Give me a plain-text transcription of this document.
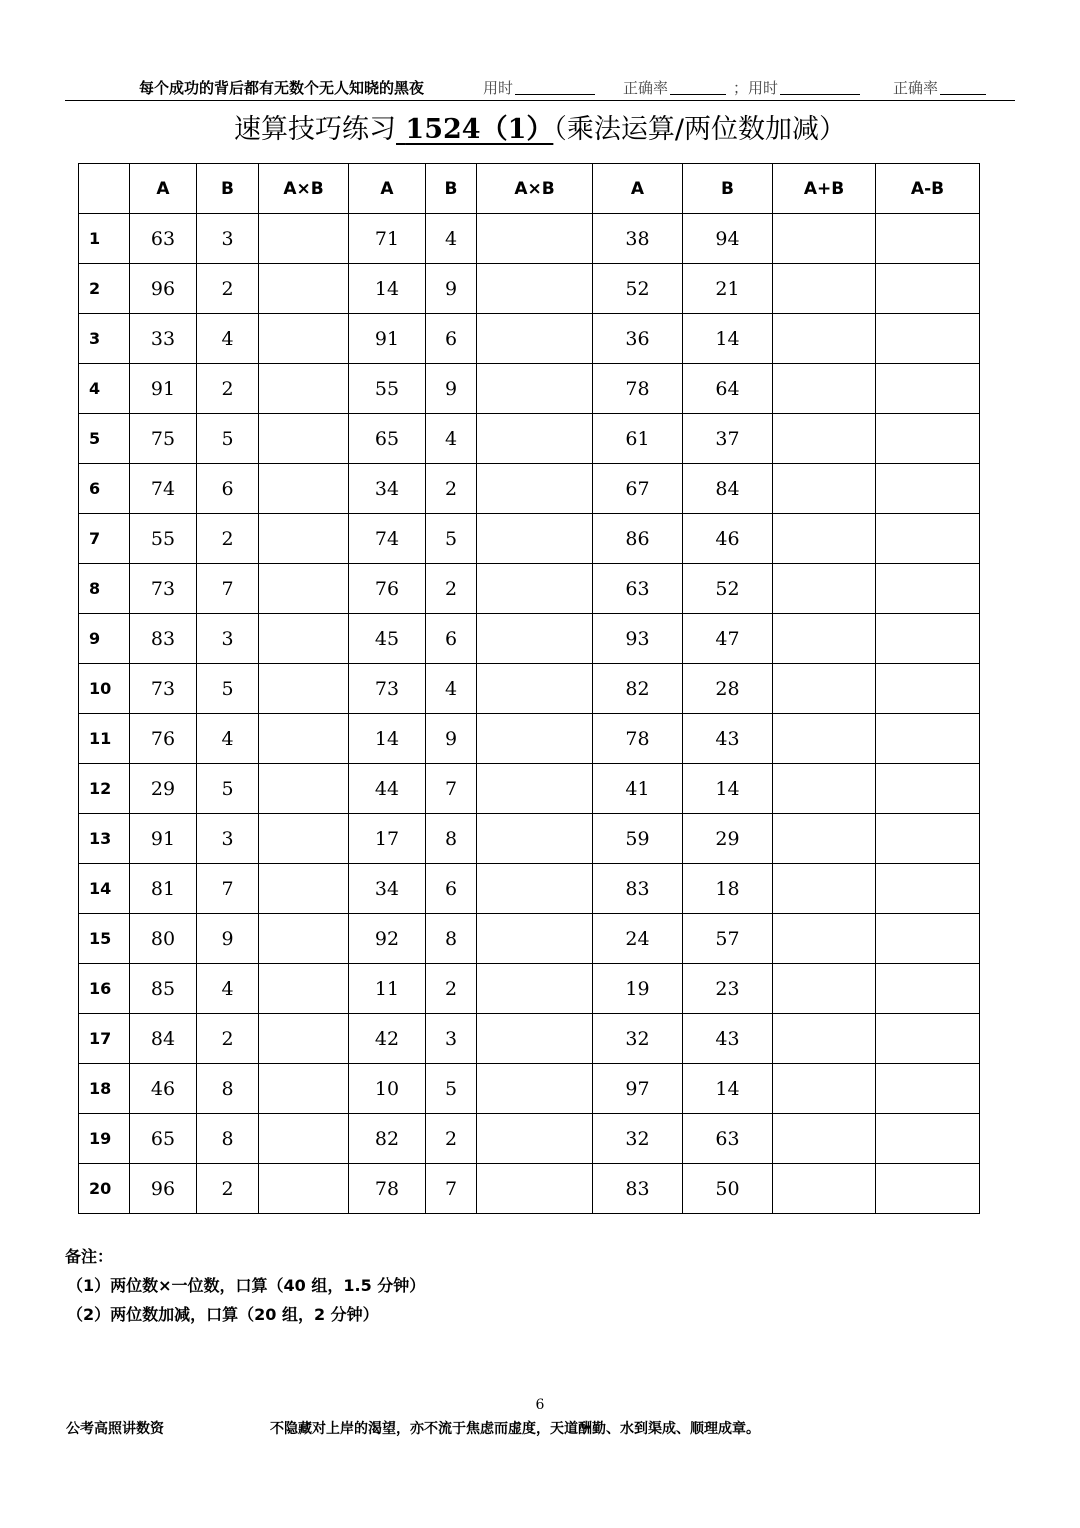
每个成功的背后都有无数个无人知晓的黑夜	用时	正确率	；用时	正确率
速算技巧练习 1524（1）（乘法运算/两位数加减）
	A	B	A×B	A	B	A×B	A	B	A+B	A-B
1	63	3		71	4		38	94		
2	96	2		14	9		52	21		
3	33	4		91	6		36	14		
4	91	2		55	9		78	64		
5	75	5		65	4		61	37		
6	74	6		34	2		67	84		
7	55	2		74	5		86	46		
8	73	7		76	2		63	52		
9	83	3		45	6		93	47		
10	73	5		73	4		82	28		
11	76	4		14	9		78	43		
12	29	5		44	7		41	14		
13	91	3		17	8		59	29		
14	81	7		34	6		83	18		
15	80	9		92	8		24	57		
16	85	4		11	2		19	23		
17	84	2		42	3		32	43		
18	46	8		10	5		97	14		
19	65	8		82	2		32	63		
20	96	2		78	7		83	50		
备注：
（1）两位数×一位数，口算（40 组，1.5 分钟）
（2）两位数加减，口算（20 组，2 分钟）
6
公考高照讲数资	不隐藏对上岸的渴望，亦不流于焦虑而虚度，天道酬勤、水到渠成、顺理成章。
